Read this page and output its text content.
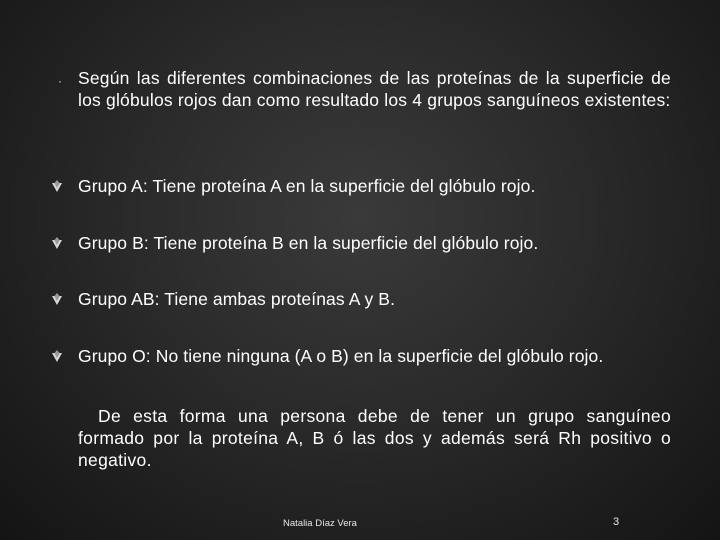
· Según las diferentes combinaciones de las proteínas de la superficie de los glóbulos rojos dan como resultado los 4 grupos sanguíneos existentes:
Grupo A: Tiene proteína A en la superficie del glóbulo rojo.
Grupo B: Tiene proteína B en la superficie del glóbulo rojo.
Grupo AB: Tiene ambas proteínas A y B.
Grupo O: No tiene ninguna (A o B) en la superficie del glóbulo rojo.
De esta forma una persona debe de tener un grupo sanguíneo formado por la proteína A, B ó las dos y además será Rh positivo o negativo.
Natalia Díaz Vera	3
